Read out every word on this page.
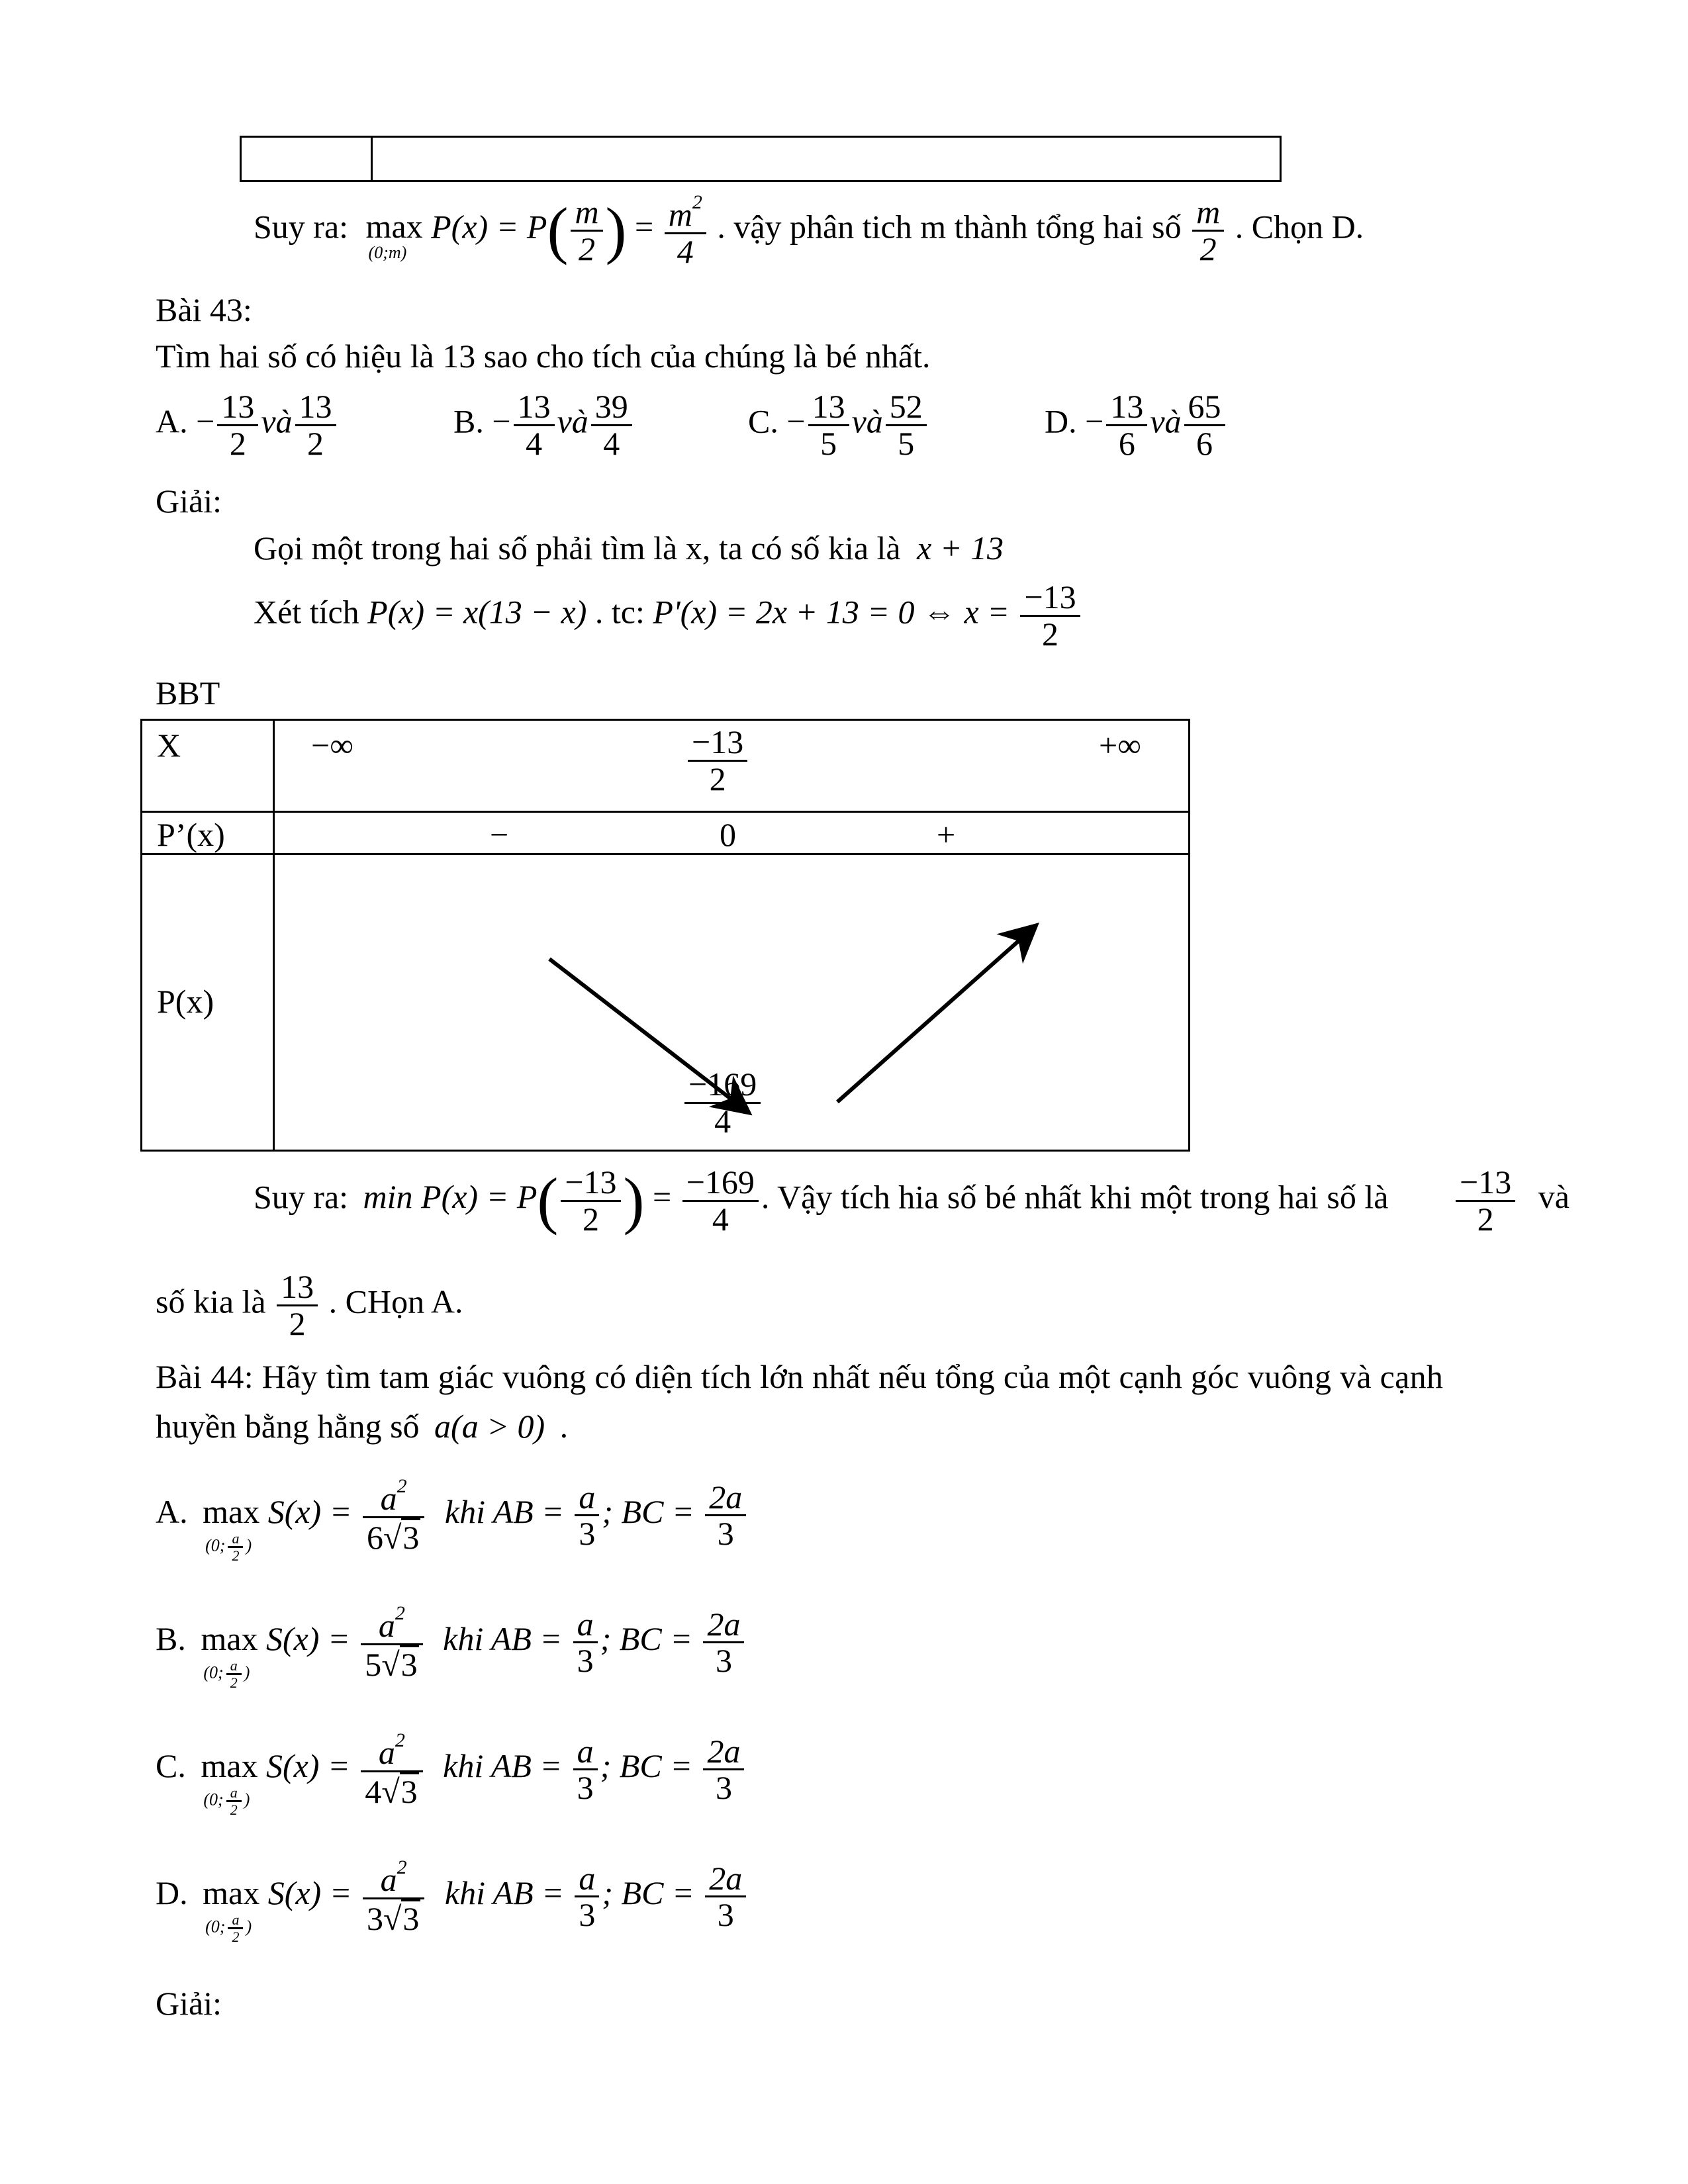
Suy ra: max
(0;m)
$P(x) = P( \frac{m}{2}$ ) = $\frac{m^2}{4}$ . vậy phân tich m thành tổng hai số $\frac{m}{2}$ . Chọn D.
Bài 43:
Tìm hai số có hiệu là 13 sao cho tích của chúng là bé nhất.
A. − $\frac{13}{2}$ và $\frac{13}{2}$	B. − $\frac{13}{4}$ và $\frac{39}{4}$	C. − $\frac{13}{5}$ và $\frac{52}{5}$	D. − $\frac{13}{6}$ và $\frac{65}{6}$
Giải:
Gọi một trong hai số phải tìm là x, ta có số kia là x + 13
Xét tích P(x) = x(13 − x) . tc: P'(x) = 2x + 13 = 0 ⇔ $x = \frac{-13}{2}$
BBT
X	−∞ $\frac{-13}{2}$ +∞

P’(x)	− 0 +

P(x)	$\frac{-169}{4}$
Suy ra: $\min P(x) = P( \frac{-13}{2}$ ) = $\frac{-169}{4}$ . Vậy tích hia số bé nhất khi một trong hai số là $\frac{-13}{2}$ và
số kia là $\frac{13}{2}$ . CHọn A.
Bài 44: Hãy tìm tam giác vuông có diện tích lớn nhất nếu tổng của một cạnh góc vuông và cạnh
huyền bằng hằng số a(a > 0) .
A. max
(0; $\frac{a}{2}$ )
$S(x) = \frac{a^2}{6√3}$ khi AB = $\frac{a}{3}$ ; BC = $\frac{2a}{3}$
B. max
(0; $\frac{a}{2}$ )
$S(x) = \frac{a^2}{5√3}$ khi AB = $\frac{a}{3}$ ; BC = $\frac{2a}{3}$
C. max
(0; $\frac{a}{2}$ )
$S(x) = \frac{a^2}{4√3}$ khi AB = $\frac{a}{3}$ ; BC = $\frac{2a}{3}$
D. max
(0; $\frac{a}{2}$ )
$S(x) = \frac{a^2}{3√3}$ khi AB = $\frac{a}{3}$ ; BC = $\frac{2a}{3}$
Giải:
